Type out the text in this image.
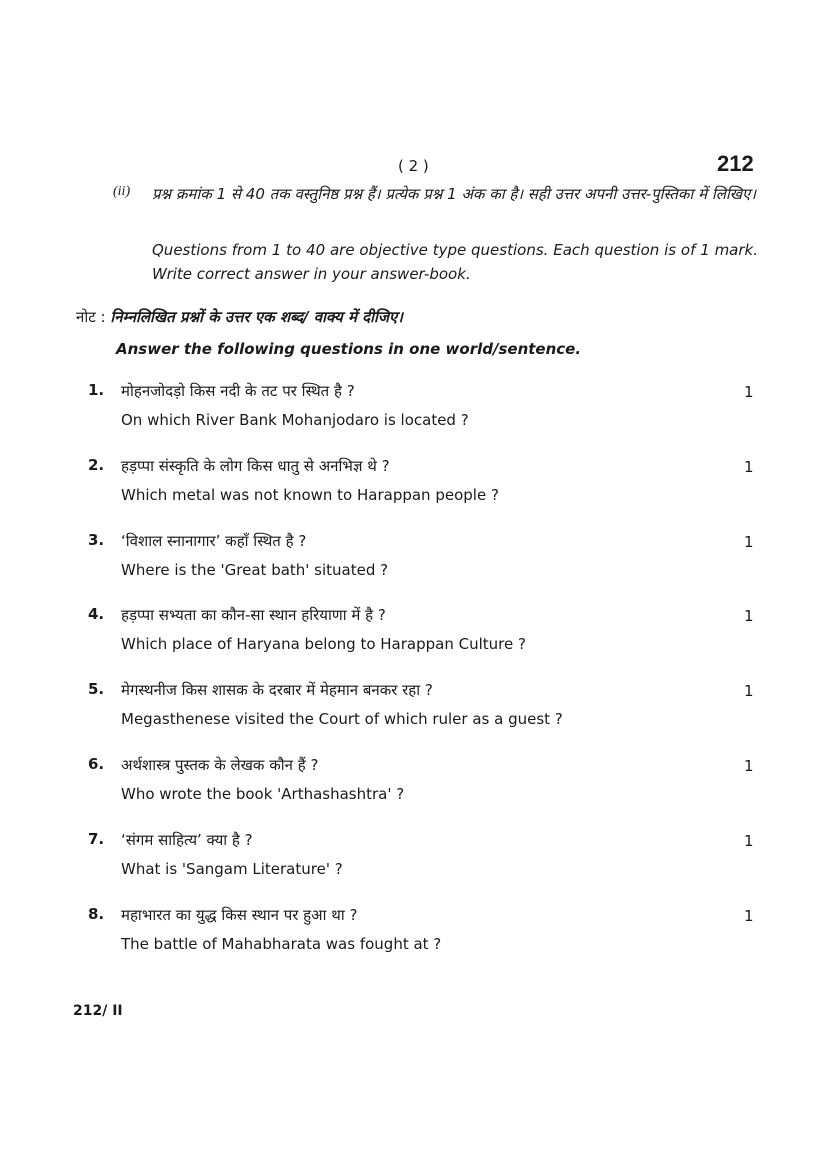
( 2 )	212
(ii) प्रश्न क्रमांक 1 से 40 तक वस्तुनिष्ठ प्रश्न हैं। प्रत्येक प्रश्न 1 अंक का है। सही उत्तर अपनी उत्तर-पुस्तिका में लिखिए।
Questions from 1 to 40 are objective type questions. Each question is of 1 mark. Write correct answer in your answer-book.
नोट : निम्नलिखित प्रश्नों के उत्तर एक शब्द/ वाक्य में दीजिए।
Answer the following questions in one world/sentence.
1. मोहनजोदड़ो किस नदी के तट पर स्थित है ?
On which River Bank Mohanjodaro is located ?
1
2. हड़प्पा संस्कृति के लोग किस धातु से अनभिज्ञ थे ?
Which metal was not known to Harappan people ?
1
3. ‘विशाल स्नानागार’ कहाँ स्थित है ?
Where is the 'Great bath' situated ?
1
4. हड़प्पा सभ्यता का कौन-सा स्थान हरियाणा में है ?
Which place of Haryana belong to Harappan Culture ?
1
5. मेगस्थनीज किस शासक के दरबार में मेहमान बनकर रहा ?
Megasthenese visited the Court of which ruler as a guest ?
1
6. अर्थशास्त्र पुस्तक के लेखक कौन हैं ?
Who wrote the book 'Arthashashtra' ?
1
7. ‘संगम साहित्य’ क्या है ?
What is 'Sangam Literature' ?
1
8. महाभारत का युद्ध किस स्थान पर हुआ था ?
The battle of Mahabharata was fought at ?
1
212/ II
